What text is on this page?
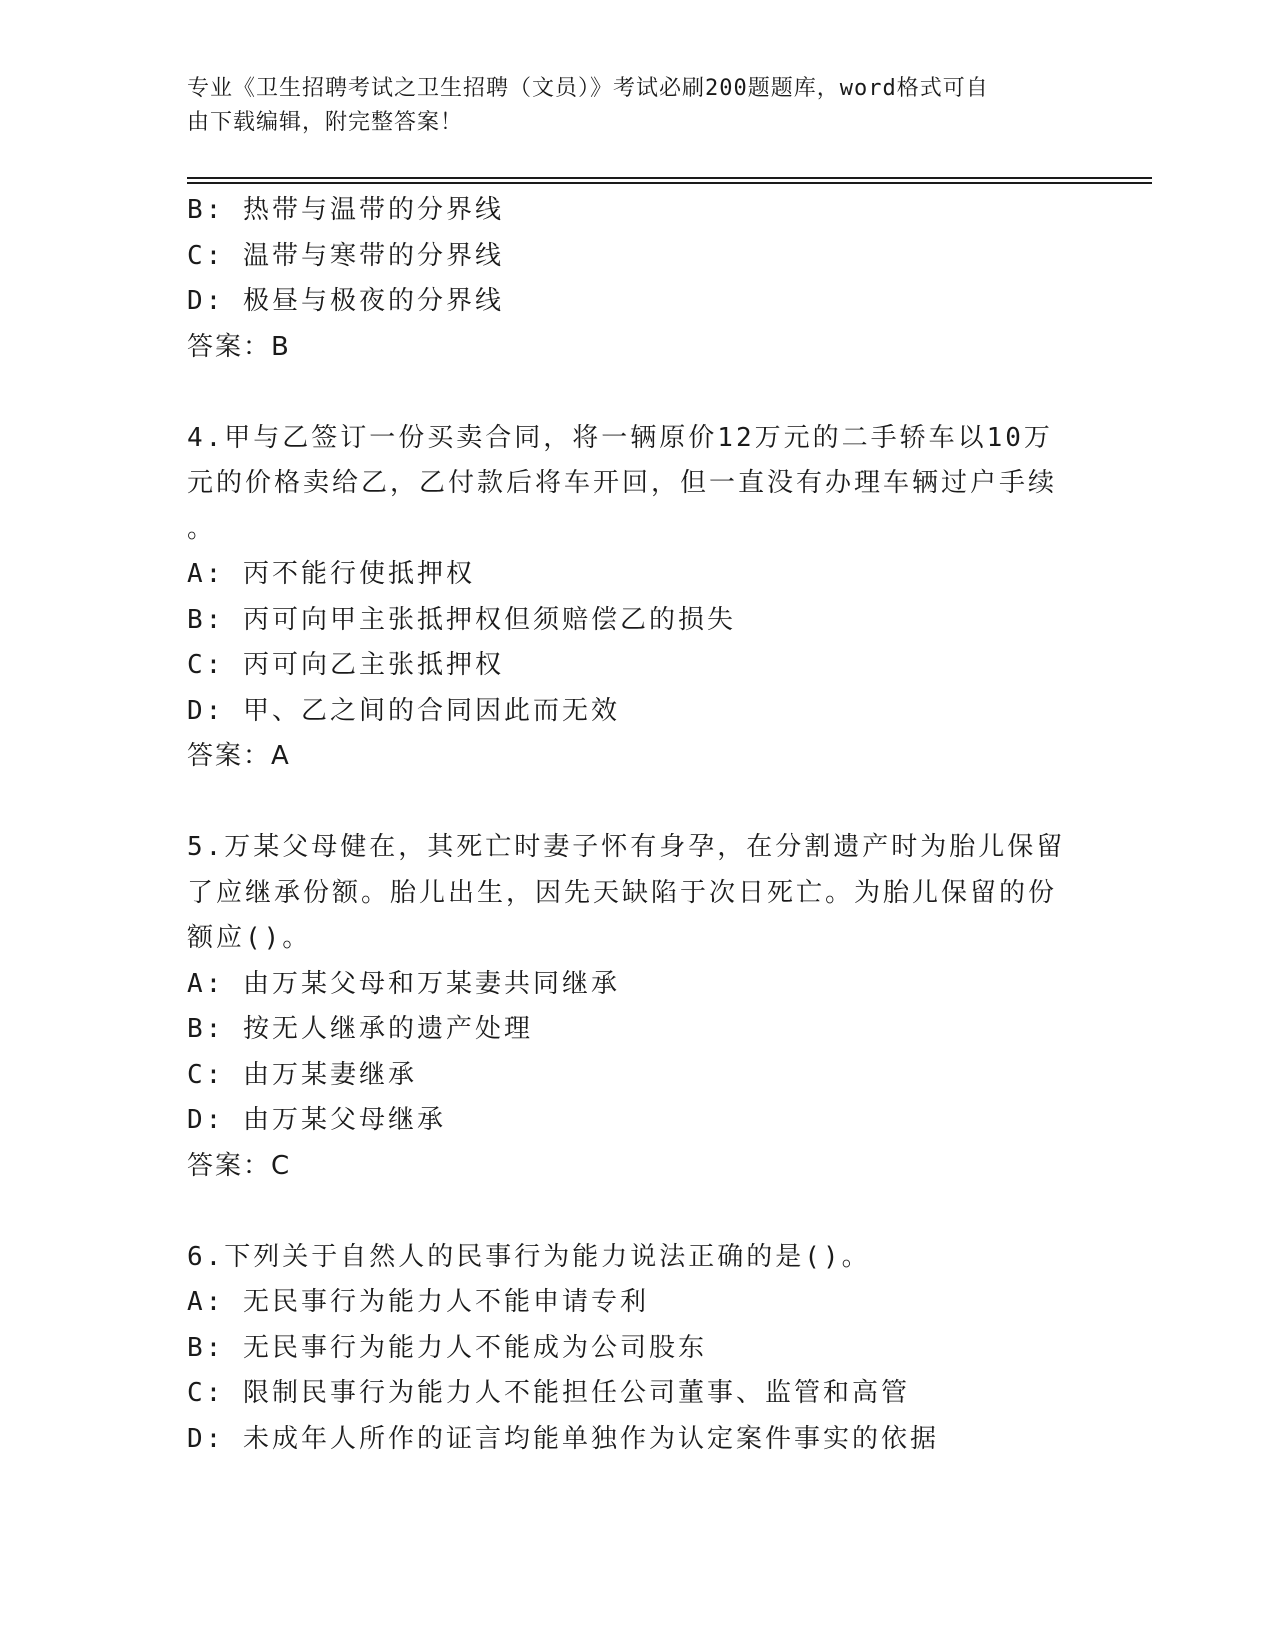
专业《卫生招聘考试之卫生招聘（文员）》考试必刷200题题库，word格式可自
由下载编辑，附完整答案！
B: 热带与温带的分界线
C: 温带与寒带的分界线
D: 极昼与极夜的分界线
答案：B
4.甲与乙签订一份买卖合同，将一辆原价12万元的二手轿车以10万
元的价格卖给乙，乙付款后将车开回，但一直没有办理车辆过户手续
。
A: 丙不能行使抵押权
B: 丙可向甲主张抵押权但须赔偿乙的损失
C: 丙可向乙主张抵押权
D: 甲、乙之间的合同因此而无效
答案：A
5.万某父母健在，其死亡时妻子怀有身孕，在分割遗产时为胎儿保留
了应继承份额。胎儿出生，因先天缺陷于次日死亡。为胎儿保留的份
额应()。
A: 由万某父母和万某妻共同继承
B: 按无人继承的遗产处理
C: 由万某妻继承
D: 由万某父母继承
答案：C
6.下列关于自然人的民事行为能力说法正确的是()。
A: 无民事行为能力人不能申请专利
B: 无民事行为能力人不能成为公司股东
C: 限制民事行为能力人不能担任公司董事、监管和高管
D: 未成年人所作的证言均能单独作为认定案件事实的依据
